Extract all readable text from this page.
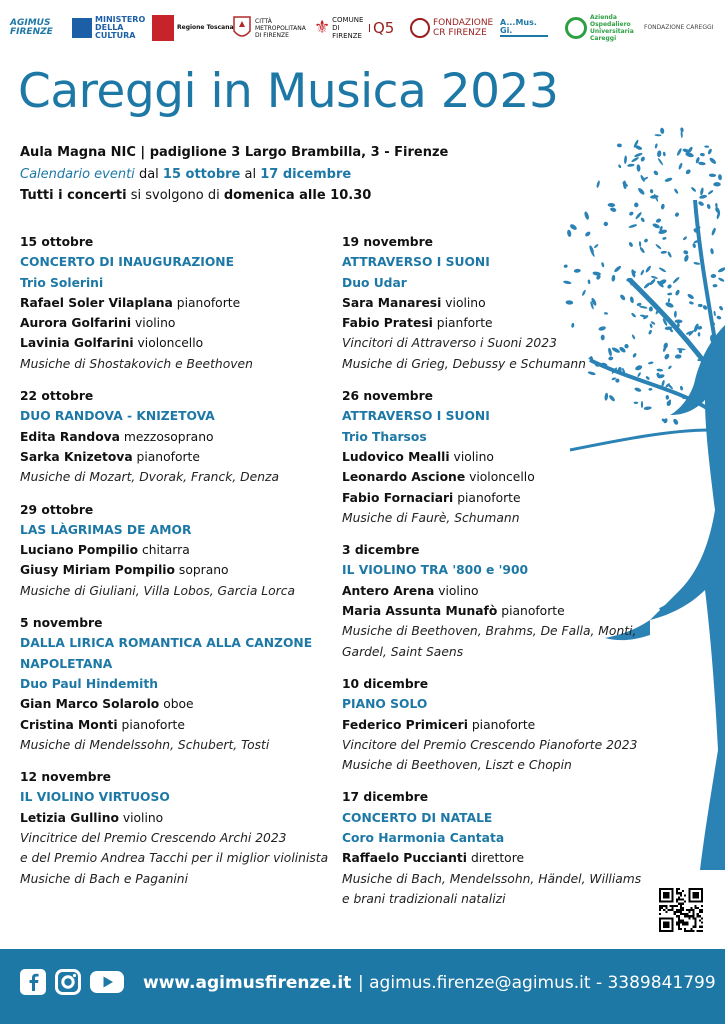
AGIMUS FIRENZE
MINISTERO
DELLA
CULTURA
Regione Toscana
CITTÀ
METROPOLITANA
DI FIRENZE	⚜ COMUNE DI FIRENZE Q5	FONDAZIONE
CR FIRENZE
A...Mus. Gi.
Azienda
Ospedaliero
Universitaria
Careggi
FONDAZIONE CAREGGI
Careggi in Musica 2023
Aula Magna NIC | padiglione 3 Largo Brambilla, 3 - Firenze
Calendario eventi dal 15 ottobre al 17 dicembre
Tutti i concerti si svolgono di domenica alle 10.30
15 ottobre
CONCERTO DI INAUGURAZIONE
Trio Solerini
Rafael Soler Vilaplana pianoforte
Aurora Golfarini violino
Lavinia Golfarini violoncello
Musiche di Shostakovich e Beethoven
22 ottobre
DUO RANDOVA - KNIZETOVA
Edita Randova mezzosoprano
Sarka Knizetova pianoforte
Musiche di Mozart, Dvorak, Franck, Denza
29 ottobre
LAS LÀGRIMAS DE AMOR
Luciano Pompilio chitarra
Giusy Miriam Pompilio soprano
Musiche di Giuliani, Villa Lobos, Garcia Lorca
5 novembre
DALLA LIRICA ROMANTICA ALLA CANZONE NAPOLETANA
Duo Paul Hindemith
Gian Marco Solarolo oboe
Cristina Monti pianoforte
Musiche di Mendelssohn, Schubert, Tosti
12 novembre
IL VIOLINO VIRTUOSO
Letizia Gullino violino
Vincitrice del Premio Crescendo Archi 2023
e del Premio Andrea Tacchi per il miglior violinista
Musiche di Bach e Paganini
19 novembre
ATTRAVERSO I SUONI
Duo Udar
Sara Manaresi violino
Fabio Pratesi pianforte
Vincitori di Attraverso i Suoni 2023
Musiche di Grieg, Debussy e Schumann
26 novembre
ATTRAVERSO I SUONI
Trio Tharsos
Ludovico Mealli violino
Leonardo Ascione violoncello
Fabio Fornaciari pianoforte
Musiche di Faurè, Schumann
3 dicembre
IL VIOLINO TRA '800 e '900
Antero Arena violino
Maria Assunta Munafò pianoforte
Musiche di Beethoven, Brahms, De Falla, Monti,
Gardel, Saint Saens
10 dicembre
PIANO SOLO
Federico Primiceri pianoforte
Vincitore del Premio Crescendo Pianoforte 2023
Musiche di Beethoven, Liszt e Chopin
17 dicembre
CONCERTO DI NATALE
Coro Harmonia Cantata
Raffaelo Puccianti direttore
Musiche di Bach, Mendelssohn, Händel, Williams
e brani tradizionali natalizi
www.agimusfirenze.it | agimus.firenze@agimus.it - 3389841799
